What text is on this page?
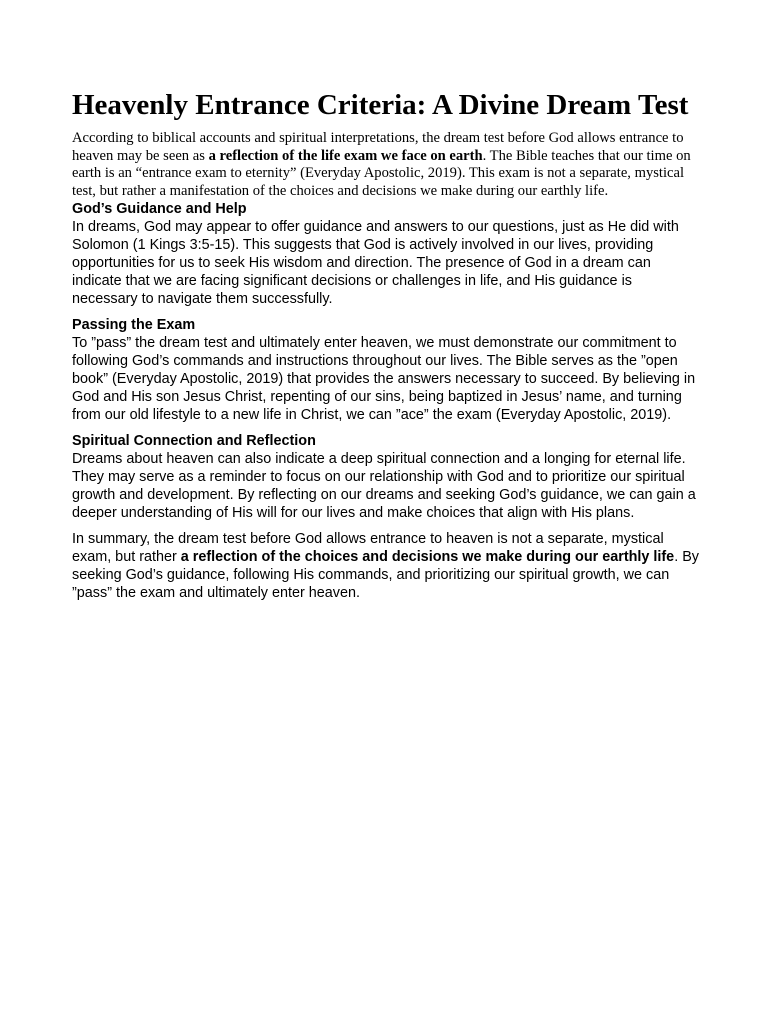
Heavenly Entrance Criteria: A Divine Dream Test

According to biblical accounts and spiritual interpretations, the dream test before God allows entrance to heaven may be seen as a reflection of the life exam we face on earth. The Bible teaches that our time on earth is an “entrance exam to eternity” (Everyday Apostolic, 2019). This exam is not a separate, mystical test, but rather a manifestation of the choices and decisions we make during our earthly life.

God’s Guidance and Help

In dreams, God may appear to offer guidance and answers to our questions, just as He did with Solomon (1 Kings 3:5-15). This suggests that God is actively involved in our lives, providing opportunities for us to seek His wisdom and direction. The presence of God in a dream can indicate that we are facing significant decisions or challenges in life, and His guidance is necessary to navigate them successfully.

Passing the Exam

To ”pass” the dream test and ultimately enter heaven, we must demonstrate our commitment to following God’s commands and instructions throughout our lives. The Bible serves as the ”open book” (Everyday Apostolic, 2019) that provides the answers necessary to succeed. By believing in God and His son Jesus Christ, repenting of our sins, being baptized in Jesus’ name, and turning from our old lifestyle to a new life in Christ, we can ”ace” the exam (Everyday Apostolic, 2019).

Spiritual Connection and Reflection

Dreams about heaven can also indicate a deep spiritual connection and a longing for eternal life. They may serve as a reminder to focus on our relationship with God and to prioritize our spiritual growth and development. By reflecting on our dreams and seeking God’s guidance, we can gain a deeper understanding of His will for our lives and make choices that align with His plans.

In summary, the dream test before God allows entrance to heaven is not a separate, mystical exam, but rather a reflection of the choices and decisions we make during our earthly life. By seeking God’s guidance, following His commands, and prioritizing our spiritual growth, we can ”pass” the exam and ultimately enter heaven.
